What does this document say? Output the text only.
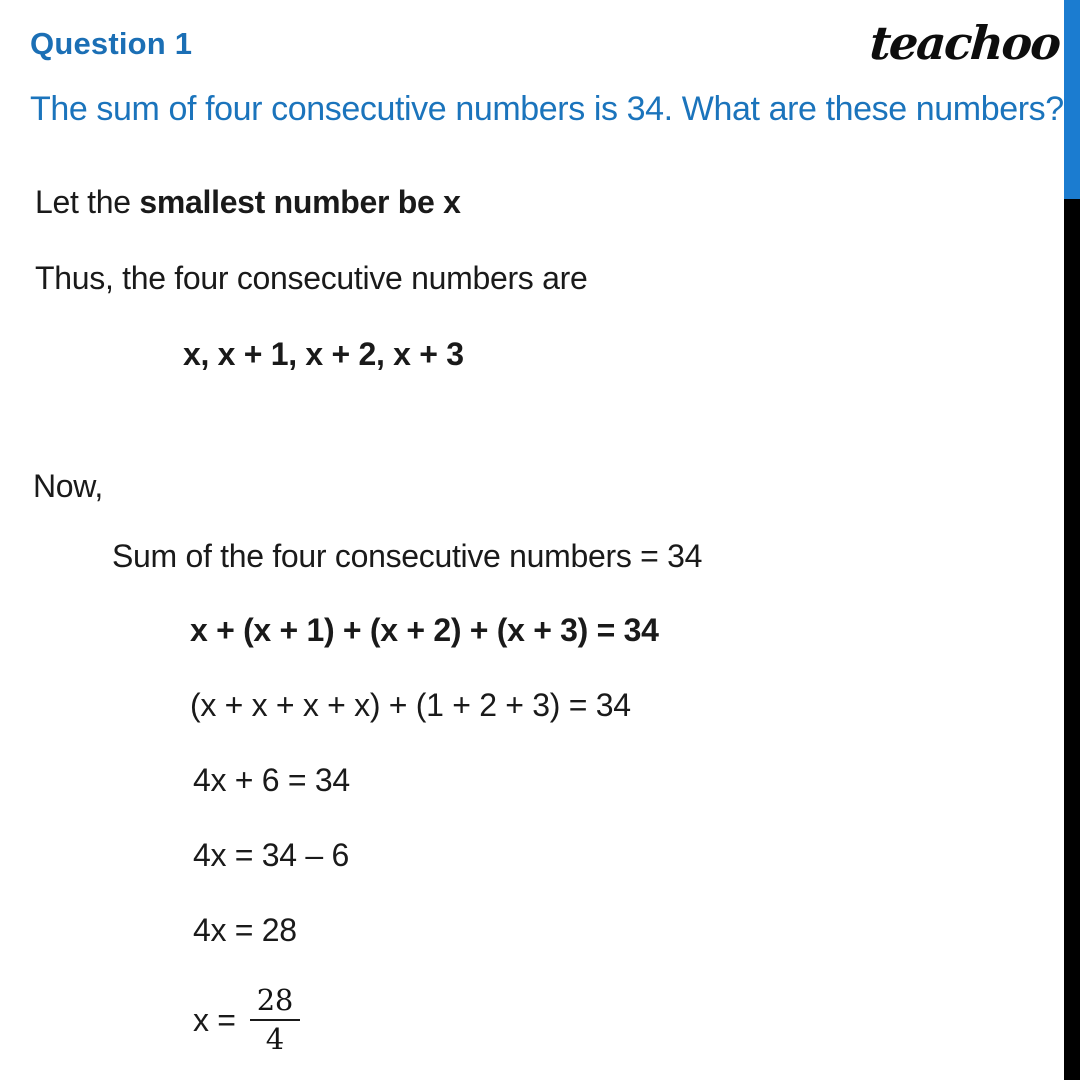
Question 1	teachoo
The sum of four consecutive numbers is 34. What are these numbers?
Let the smallest number be x
Thus, the four consecutive numbers are
x, x + 1, x + 2, x + 3
Now,
Sum of the four consecutive numbers = 34
x + (x + 1) + (x + 2) + (x + 3) = 34
(x + x + x + x) + (1 + 2 + 3) = 34
4x + 6 = 34
4x = 34 – 6
4x = 28
$x = \frac{28}{4}$
